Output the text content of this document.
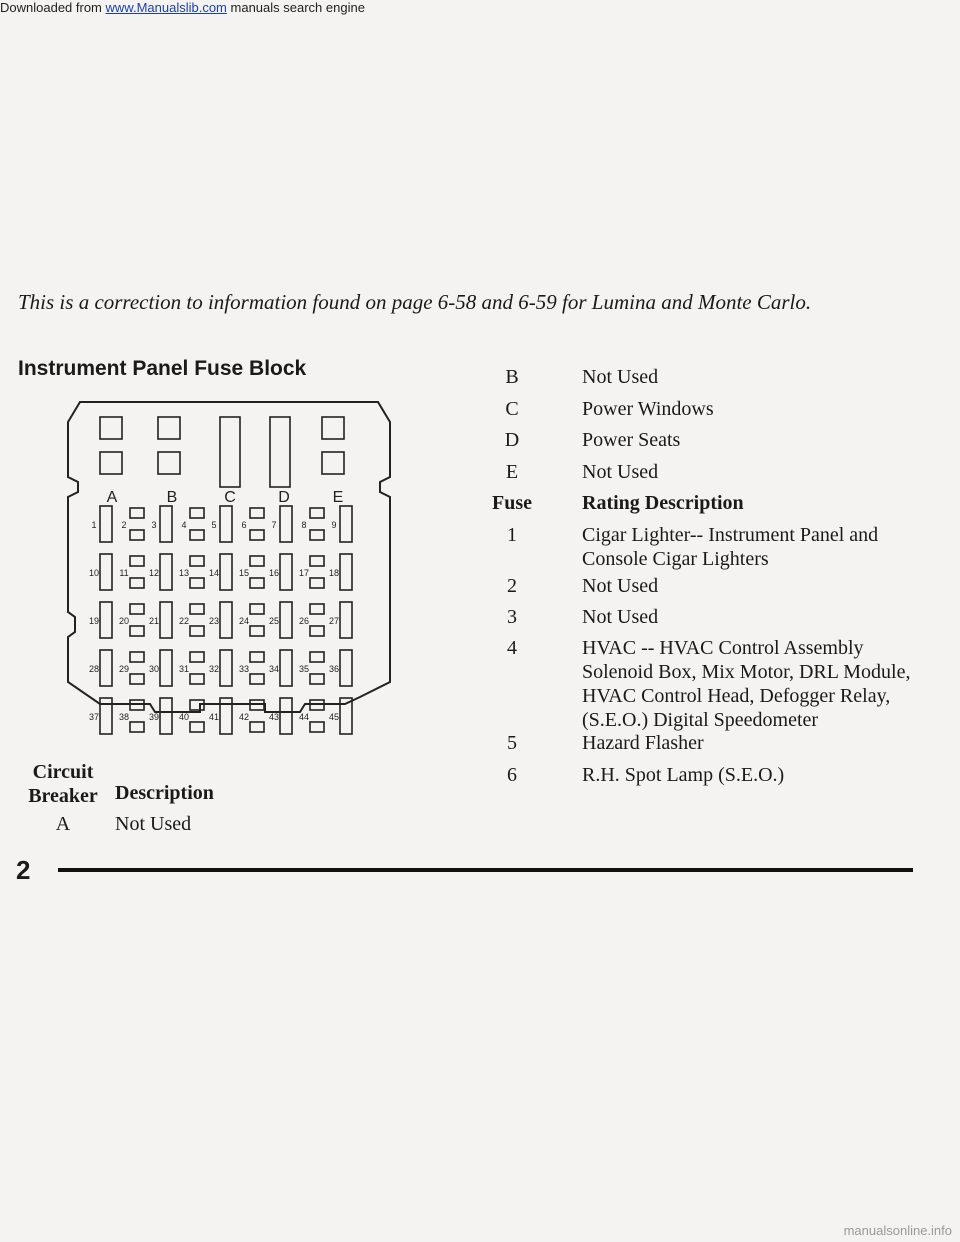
Downloaded from www.Manualslib.com manuals search engine
This is a correction to information found on page 6-58 and 6-59 for Lumina and Monte Carlo.
Instrument Panel Fuse Block
A	B	C	D	E
1	2	3	4	5	6	7	8	9
10 11 12 13 14 15 16 17 18
19 20 21 22 23 24 25 26 27
28 29 30 31 32 33 34 35 36
37 38 39 40 41 42 43 44 45
Circuit
Breaker Description
A	Not Used
B	Not Used
C	Power Windows
D	Power Seats
E	Not Used
Fuse	Rating Description
1	Cigar Lighter-- Instrument Panel and Console Cigar Lighters
2	Not Used
3	Not Used
4	HVAC -- HVAC Control Assembly Solenoid Box, Mix Motor, DRL Module, HVAC Control Head, Defogger Relay, (S.E.O.) Digital Speedometer
5	Hazard Flasher
6	R.H. Spot Lamp (S.E.O.)
2
manualsonline.info
